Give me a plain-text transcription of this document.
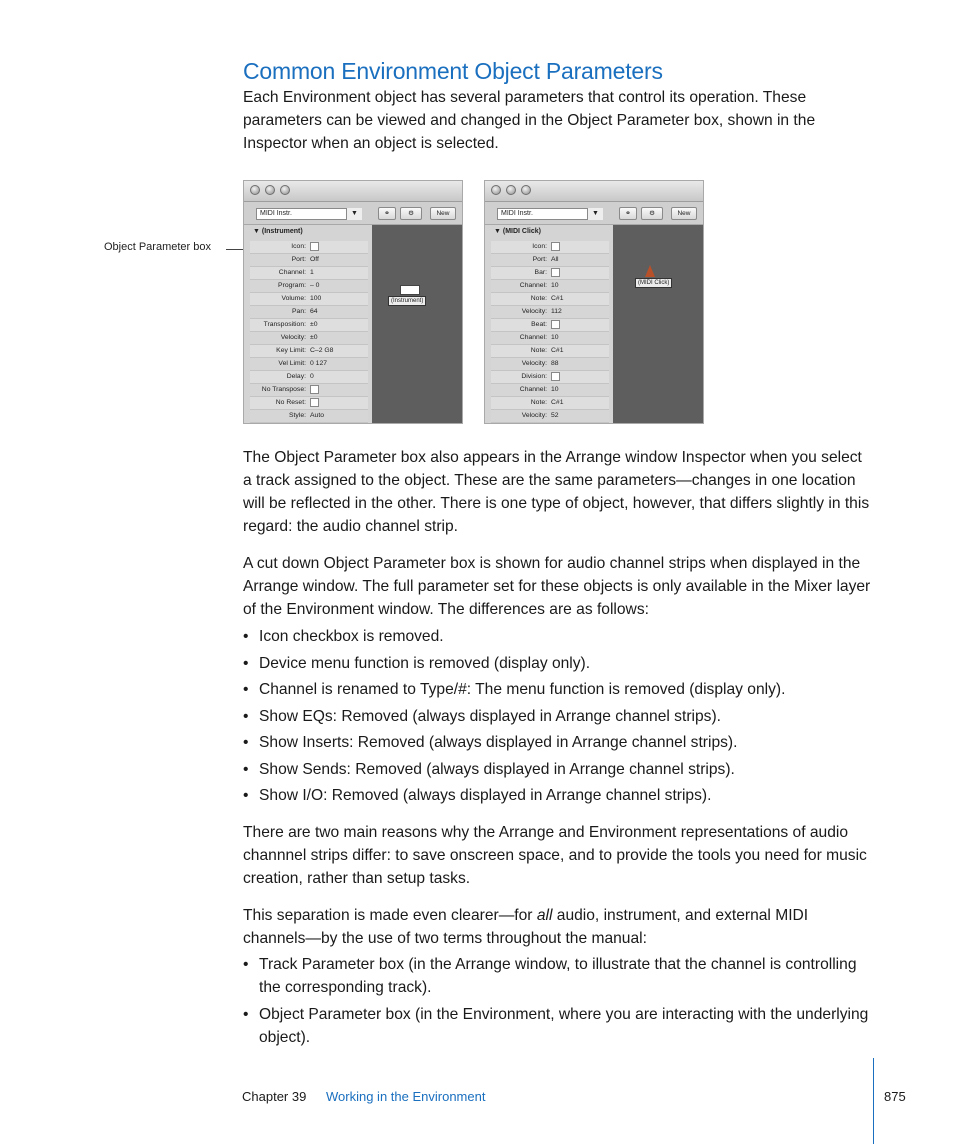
Common Environment Object Parameters

Each Environment object has several parameters that control its operation. These parameters can be viewed and changed in the Object Parameter box, shown in the Inspector when an object is selected.

Object Parameter box
MIDI Instr.	▼	⚭	⚙	New
▼ (Instrument)
Icon:
Port: Off
Channel: 1
Program: – 0
Volume: 100
Pan: 64
Transposition: ±0
Velocity: ±0
Key Limit: C–2 G8
Vel Limit: 0 127
Delay: 0
No Transpose:
No Reset:
Style: Auto
(Instrument)
MIDI Instr.	▼	⚭	⚙	New
▼ (MIDI Click)
Icon:
Port: All
Bar:
Channel: 10
Note: C#1
Velocity: 112
Beat:
Channel: 10
Note: C#1
Velocity: 88
Division:
Channel: 10
Note: C#1
Velocity: 52
(MIDI Click)

The Object Parameter box also appears in the Arrange window Inspector when you select a track assigned to the object. These are the same parameters—changes in one location will be reflected in the other. There is one type of object, however, that differs slightly in this regard: the audio channel strip.

A cut down Object Parameter box is shown for audio channel strips when displayed in the Arrange window. The full parameter set for these objects is only available in the Mixer layer of the Environment window. The differences are as follows:

• Icon checkbox is removed.
• Device menu function is removed (display only).
• Channel is renamed to Type/#: The menu function is removed (display only).
• Show EQs: Removed (always displayed in Arrange channel strips).
• Show Inserts: Removed (always displayed in Arrange channel strips).
• Show Sends: Removed (always displayed in Arrange channel strips).
• Show I/O: Removed (always displayed in Arrange channel strips).

There are two main reasons why the Arrange and Environment representations of audio channnel strips differ: to save onscreen space, and to provide the tools you need for music creation, rather than setup tasks.

This separation is made even clearer—for all audio, instrument, and external MIDI channels—by the use of two terms throughout the manual:

• Track Parameter box (in the Arrange window, to illustrate that the channel is controlling the corresponding track).
• Object Parameter box (in the Environment, where you are interacting with the underlying object).
Chapter 39 Working in the Environment	875
